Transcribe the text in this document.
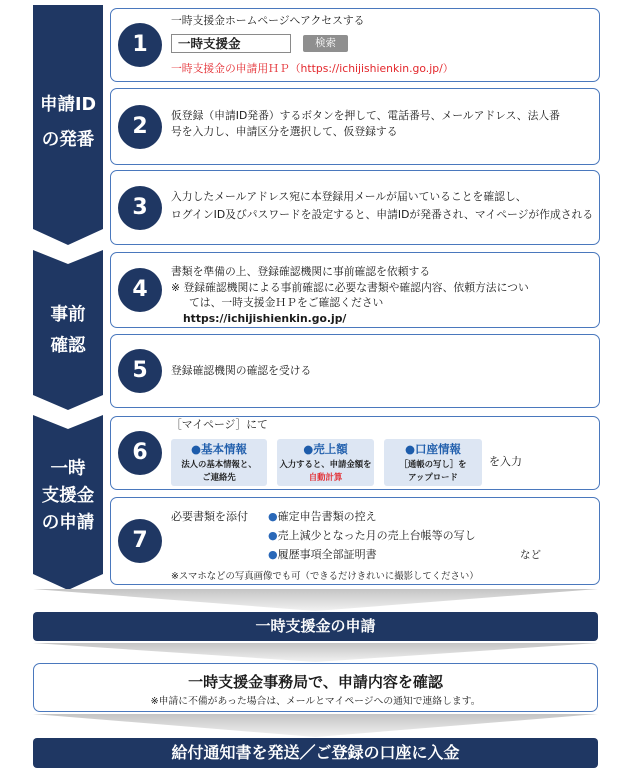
申請ID
の発番
事前
確認
一時
支援金
の申請
1
一時支援金ホームページへアクセスする
一時支援金	検索
一時支援金の申請用ＨＰ（https://ichijishienkin.go.jp/）
2	仮登録（申請ID発番）するボタンを押して、電話番号、メールアドレス、法人番
号を入力し、申請区分を選択して、仮登録する
3	入力したメールアドレス宛に本登録用メールが届いていることを確認し、
ログインID及びパスワードを設定すると、申請IDが発番され、マイページが作成される
4
書類を準備の上、登録確認機関に事前確認を依頼する
※ 登録確認機関による事前確認に必要な書類や確認内容、依頼方法につい
ては、一時支援金ＨＰをご確認ください
https://ichijishienkin.go.jp/
5	登録確認機関の確認を受ける
6
［マイページ］にて
●基本情報
法人の基本情報と、
ご連絡先
●売上額
入力すると、申請金額を
自動計算
●口座情報
［通帳の写し］を
アップロード
を入力
7
必要書類を添付 ●確定申告書類の控え
●売上減少となった月の売上台帳等の写し
●履歴事項全部証明書	など
※スマホなどの写真画像でも可（できるだけきれいに撮影してください）
一時支援金の申請
一時支援金事務局で、申請内容を確認
※申請に不備があった場合は、メールとマイページへの通知で連絡します。
給付通知書を発送／ご登録の口座に入金
